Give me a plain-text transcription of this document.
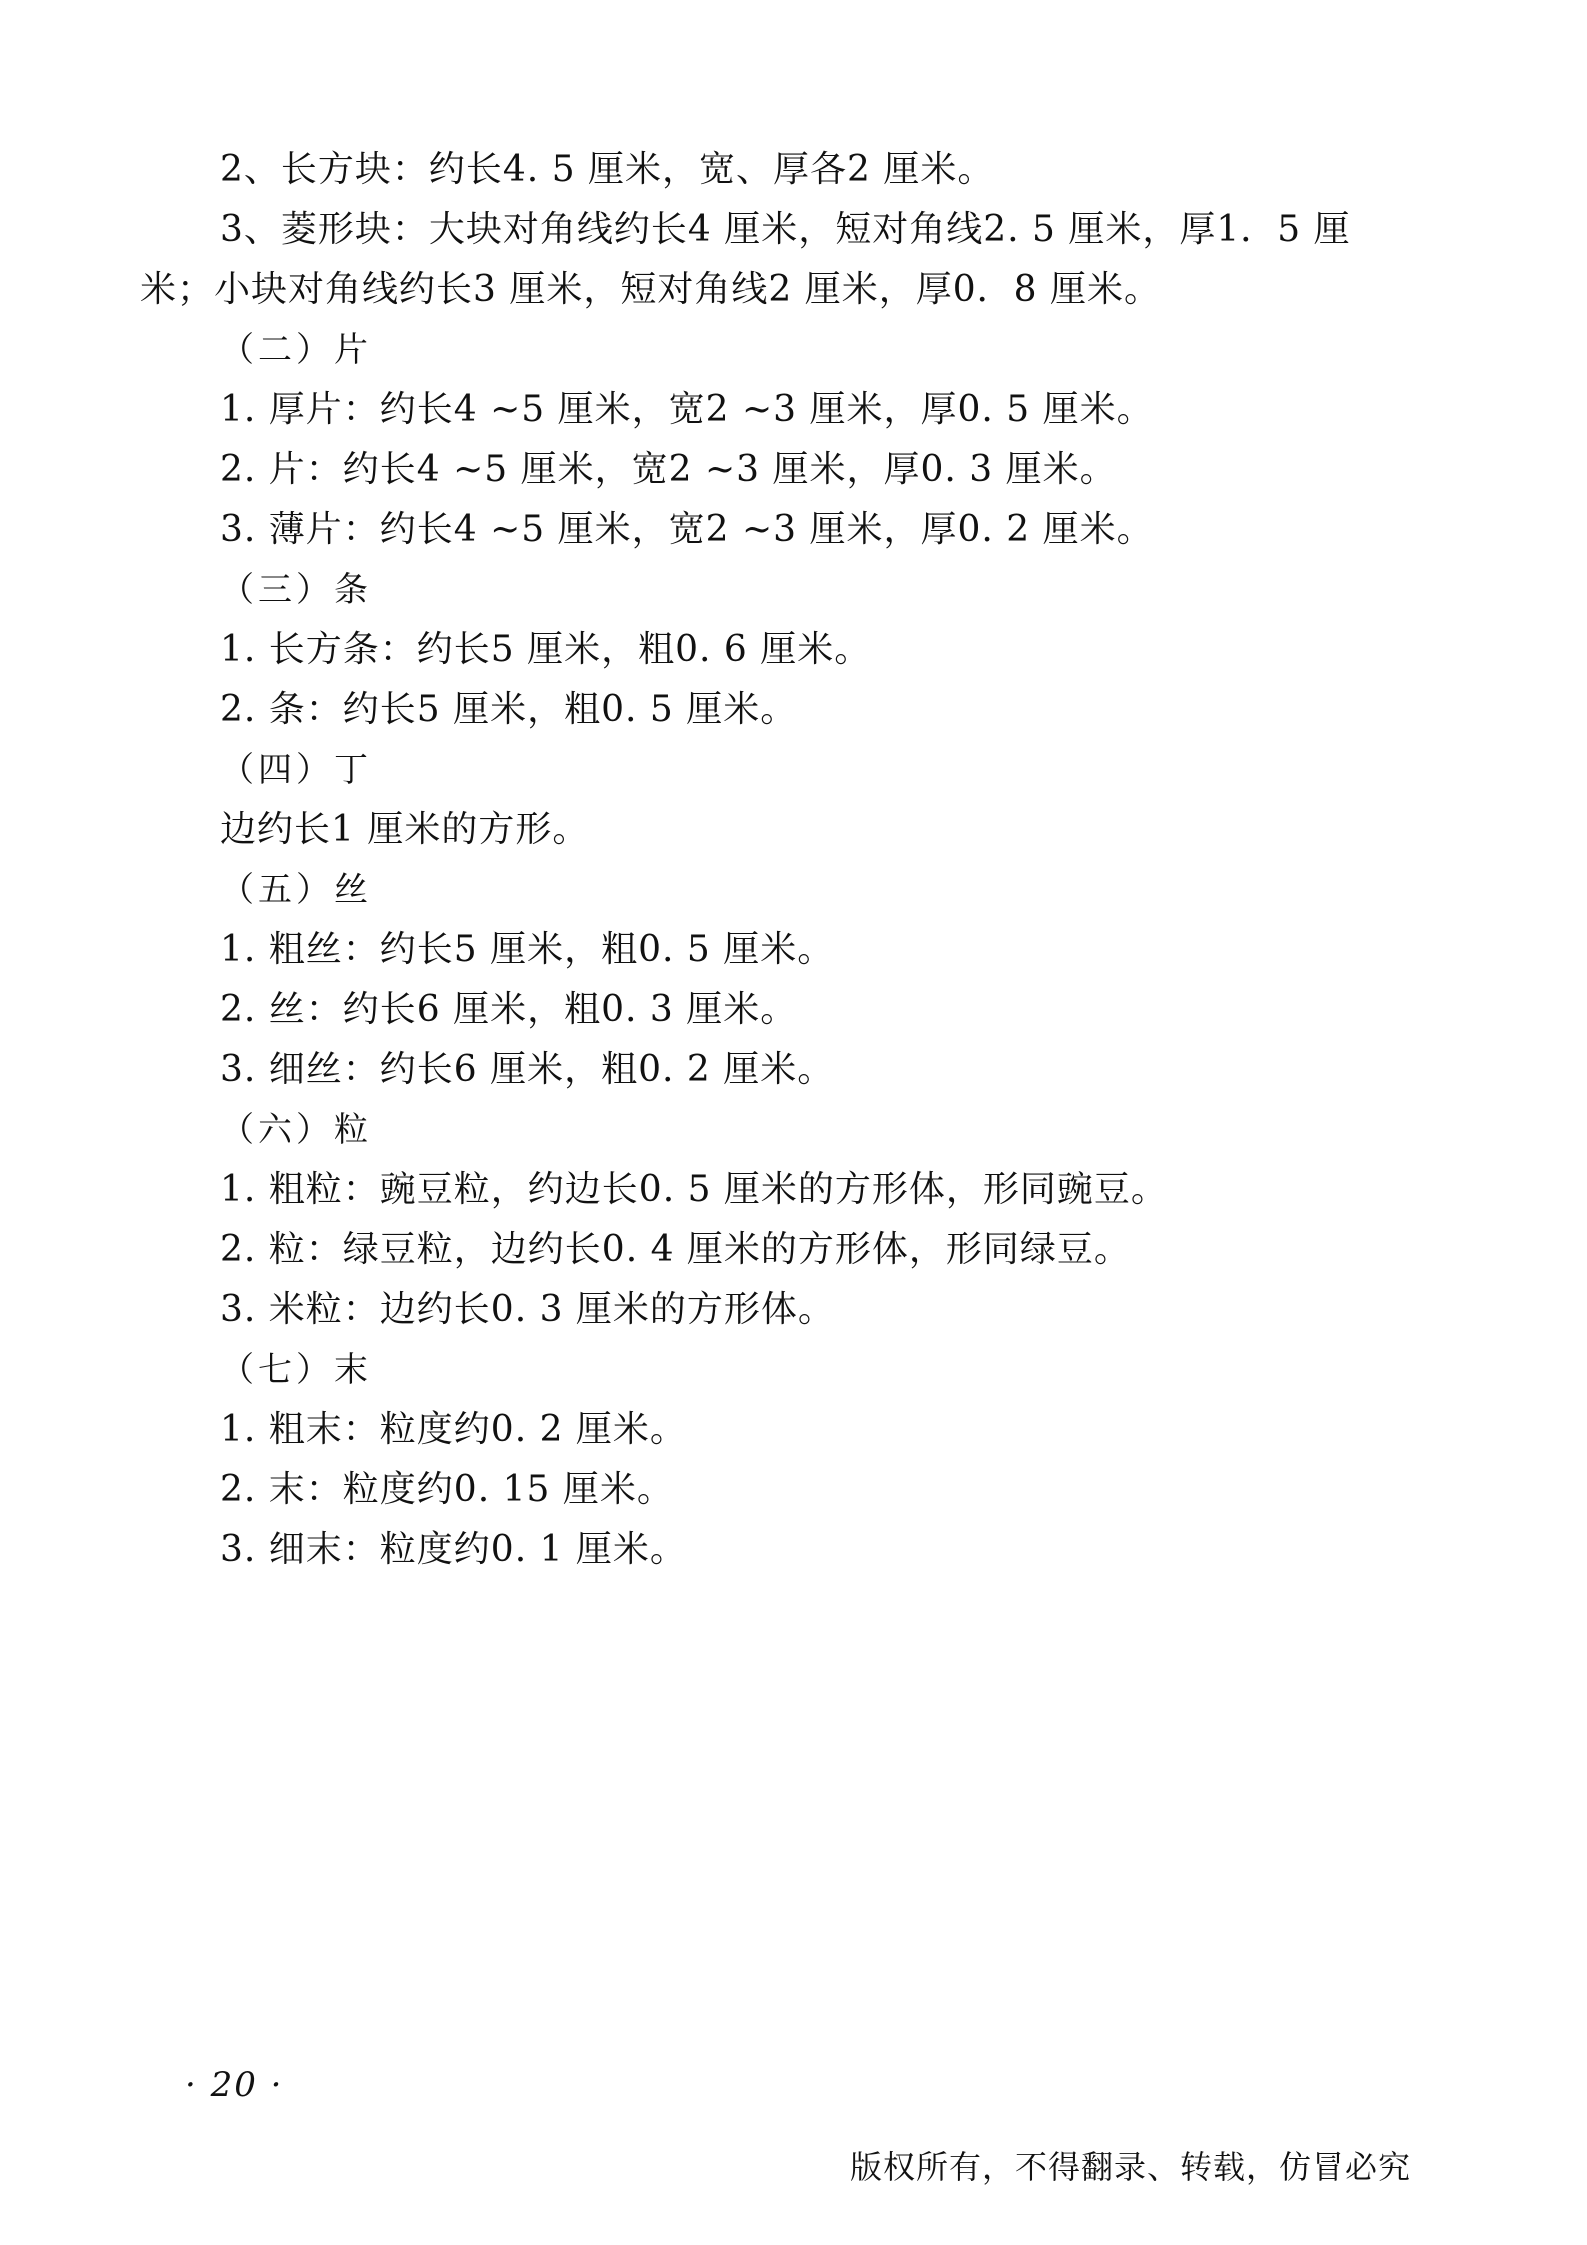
2、长方块：约长4. 5 厘米，宽、厚各2 厘米。
3、菱形块：大块对角线约长4 厘米，短对角线2. 5 厘米，厚1．5 厘
米；小块对角线约长3 厘米，短对角线2 厘米，厚0．8 厘米。
（二）片
1. 厚片：约长4 ~5 厘米，宽2 ~3 厘米，厚0. 5 厘米。
2. 片：约长4 ~5 厘米，宽2 ~3 厘米，厚0. 3 厘米。
3. 薄片：约长4 ~5 厘米，宽2 ~3 厘米，厚0. 2 厘米。
（三）条
1. 长方条：约长5 厘米，粗0. 6 厘米。
2. 条：约长5 厘米，粗0. 5 厘米。
（四）丁
边约长1 厘米的方形。
（五）丝
1. 粗丝：约长5 厘米，粗0. 5 厘米。
2. 丝：约长6 厘米，粗0. 3 厘米。
3. 细丝：约长6 厘米，粗0. 2 厘米。
（六）粒
1. 粗粒：豌豆粒，约边长0. 5 厘米的方形体，形同豌豆。
2. 粒：绿豆粒，边约长0. 4 厘米的方形体，形同绿豆。
3. 米粒：边约长0. 3 厘米的方形体。
（七）末
1. 粗末：粒度约0. 2 厘米。
2. 末：粒度约0. 15 厘米。
3. 细末：粒度约0. 1 厘米。
· 20 ·
版权所有，不得翻录、转载，仿冒必究
